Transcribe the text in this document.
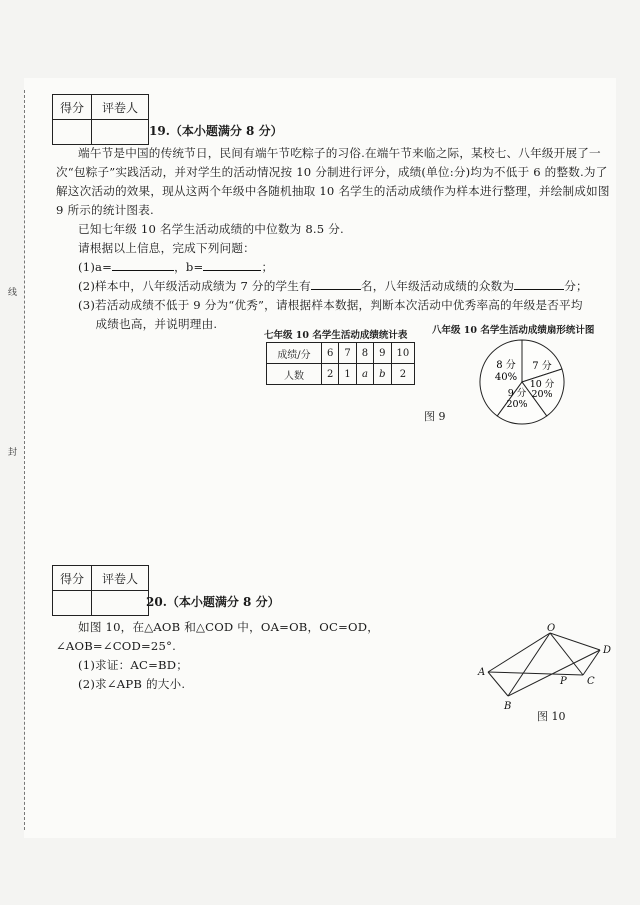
线
封
得分	评卷人

19.（本小题满分 8 分）

端午节是中国的传统节日，民间有端午节吃粽子的习俗.在端午节来临之际，某校七、八年级开展了一次“包粽子”实践活动，并对学生的活动情况按 10 分制进行评分，成绩(单位:分)均为不低于 6 的整数.为了解这次活动的效果，现从这两个年级中各随机抽取 10 名学生的活动成绩作为样本进行整理，并绘制成如图 9 所示的统计图表.

已知七年级 10 名学生活动成绩的中位数为 8.5 分.

请根据以上信息，完成下列问题：

(1)a=	，b=	；

(2)样本中，八年级活动成绩为 7 分的学生有	名，八年级活动成绩的众数为	分；

(3)若活动成绩不低于 9 分为“优秀”，请根据样本数据，判断本次活动中优秀率高的年级是否平均

成绩也高，并说明理由.

七年级 10 名学生活动成绩统计表
成绩/分	6	7	8	9	10
人数	2	1	a	b	2
八年级 10 名学生活动成绩扇形统计图
8 分
40%
7 分
10 分
20%
9 分
20%
图 9
得分	评卷人

20.（本小题满分 8 分）

如图 10，在△AOB 和△COD 中，OA=OB，OC=OD，∠AOB=∠COD=25°.

(1)求证：AC=BD；

(2)求∠APB 的大小.

O
D
A
P C
B
图 10
